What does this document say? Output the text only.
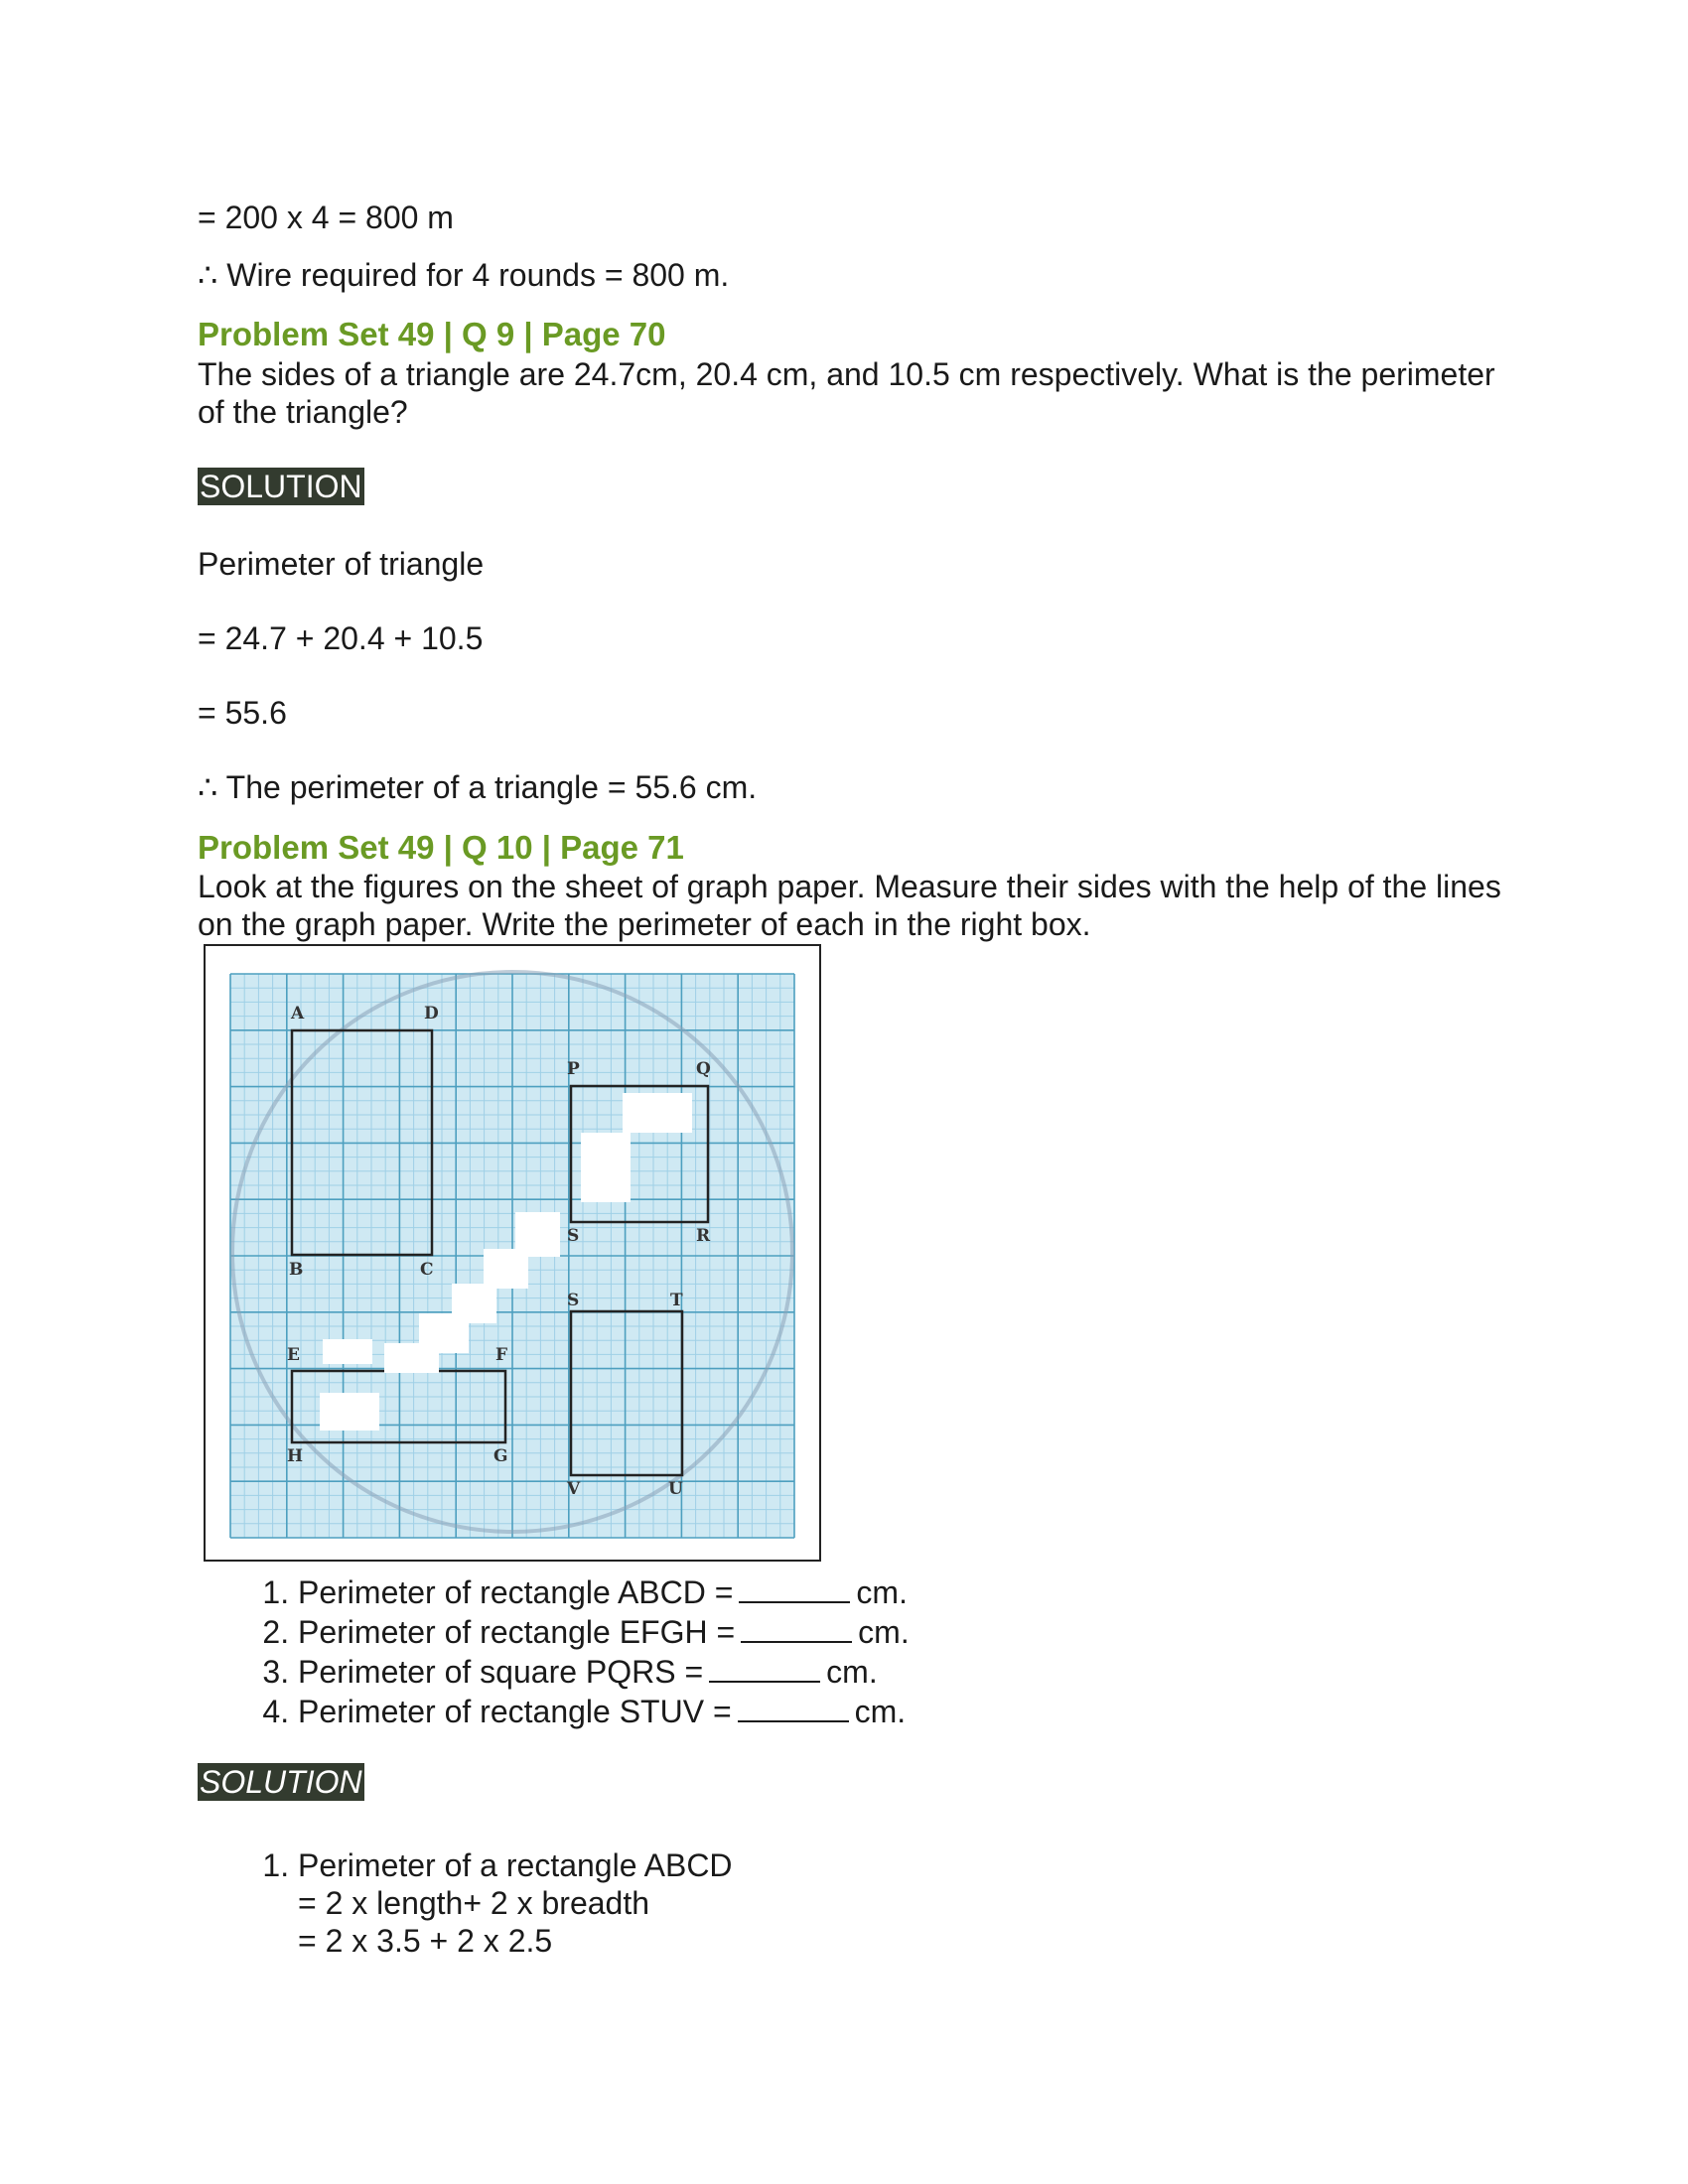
= 200 x 4 = 800 m
∴ Wire required for 4 rounds = 800 m.
Problem Set 49 | Q 9 | Page 70
The sides of a triangle are 24.7cm, 20.4 cm, and 10.5 cm respectively. What is the perimeter of the triangle?
SOLUTION
Perimeter of triangle
= 24.7 + 20.4 + 10.5
= 55.6
∴ The perimeter of a triangle = 55.6 cm.
Problem Set 49 | Q 10 | Page 71
Look at the figures on the sheet of graph paper. Measure their sides with the help of the lines on the graph paper. Write the perimeter of each in the right box.
A	D
B	C
P	Q
R
S
S	T
U
V
E	F
G
H
1. Perimeter of rectangle ABCD =	cm.
2. Perimeter of rectangle EFGH =	cm.
3. Perimeter of square PQRS =	cm.
4. Perimeter of rectangle STUV =	cm.
SOLUTION
1. Perimeter of a rectangle ABCD
= 2 x length+ 2 x breadth
= 2 x 3.5 + 2 x 2.5
